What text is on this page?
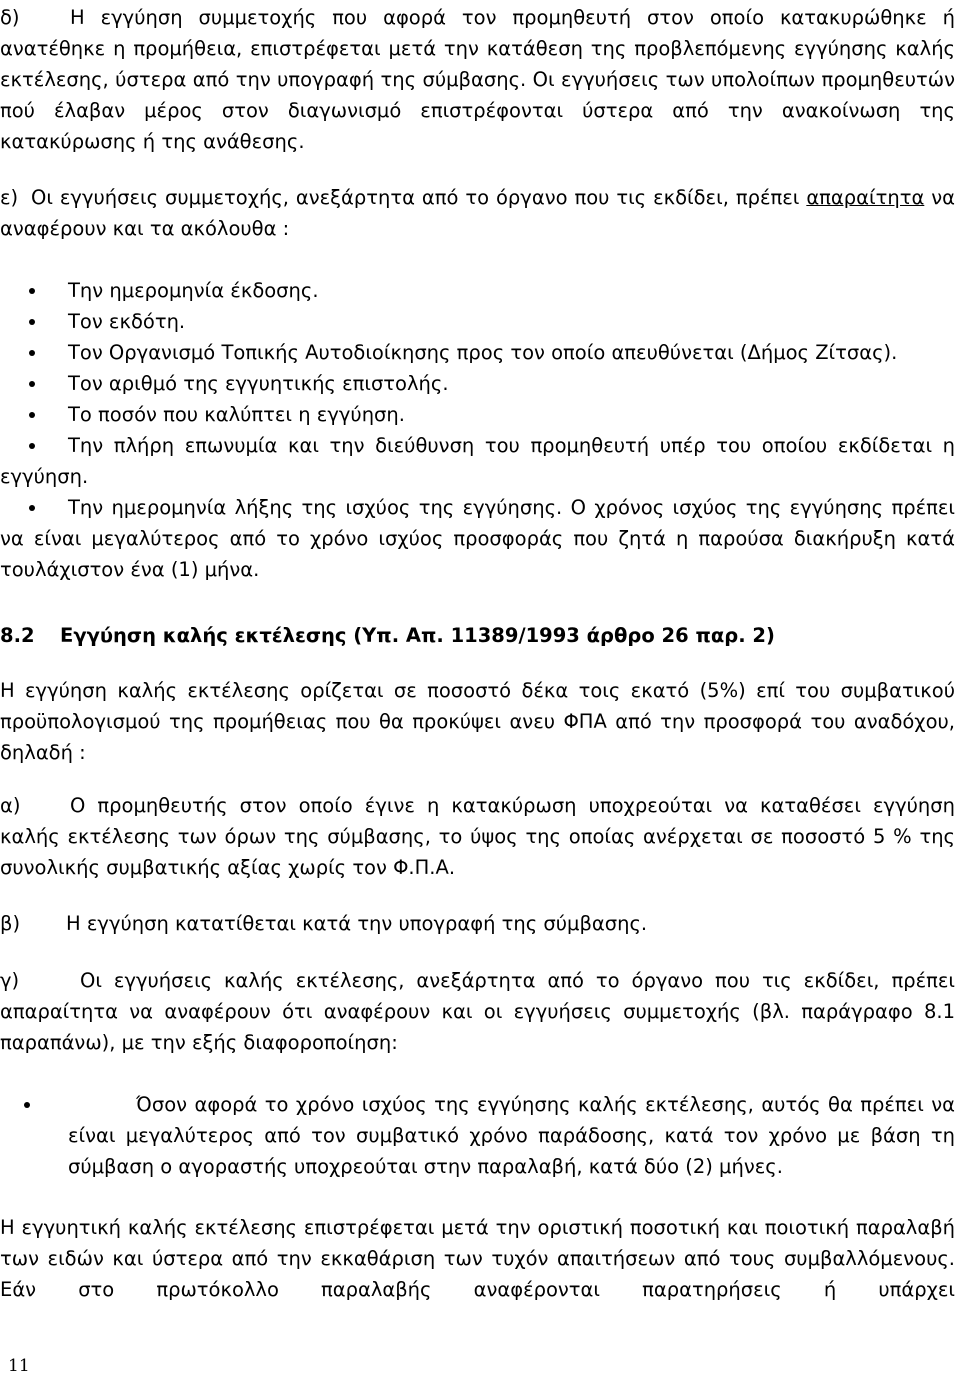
δ)	Η εγγύηση συμμετοχής που αφορά τον προμηθευτή στον οποίο κατακυρώθηκε ή ανατέθηκε η προμήθεια, επιστρέφεται μετά την κατάθεση της προβλεπόμενης εγγύησης καλής εκτέλεσης, ύστερα από την υπογραφή της σύμβασης. Οι εγγυήσεις των υπολοίπων προμηθευτών πού έλαβαν μέρος στον διαγωνισμό επιστρέφονται ύστερα από την ανακοίνωση της κατακύρωσης ή της ανάθεσης.

ε) Οι εγγυήσεις συμμετοχής, ανεξάρτητα από το όργανο που τις εκδίδει, πρέπει απαραίτητα να αναφέρουν και τα ακόλουθα :

Την ημερομηνία έκδοσης.
Τον εκδότη.
Τον Οργανισμό Τοπικής Αυτοδιοίκησης προς τον οποίο απευθύνεται (Δήμος Ζίτσας).
Τον αριθμό της εγγυητικής επιστολής.
Το ποσόν που καλύπτει η εγγύηση.
Την πλήρη επωνυμία και την διεύθυνση του προμηθευτή υπέρ του οποίου εκδίδεται η εγγύηση.
Την ημερομηνία λήξης της ισχύος της εγγύησης. Ο χρόνος ισχύος της εγγύησης πρέπει να είναι μεγαλύτερος από το χρόνο ισχύος προσφοράς που ζητά η παρούσα διακήρυξη κατά τουλάχιστον ένα (1) μήνα.
8.2 Εγγύηση καλής εκτέλεσης (Υπ. Απ. 11389/1993 άρθρο 26 παρ. 2)

Η εγγύηση καλής εκτέλεσης ορίζεται σε ποσοστό δέκα τοις εκατό (5%) επί του συμβατικού προϋπολογισμού της προμήθειας που θα προκύψει ανευ ΦΠΑ από την προσφορά του αναδόχου, δηλαδή :

α)	Ο προμηθευτής στον οποίο έγινε η κατακύρωση υποχρεούται να καταθέσει εγγύηση καλής εκτέλεσης των όρων της σύμβασης, το ύψος της οποίας ανέρχεται σε ποσοστό 5 % της συνολικής συμβατικής αξίας χωρίς τον Φ.Π.Α.

β) Η εγγύηση κατατίθεται κατά την υπογραφή της σύμβασης.

γ)	Οι εγγυήσεις καλής εκτέλεσης, ανεξάρτητα από το όργανο που τις εκδίδει, πρέπει απαραίτητα να αναφέρουν ότι αναφέρουν και οι εγγυήσεις συμμετοχής (βλ. παράγραφο 8.1 παραπάνω), με την εξής διαφοροποίηση:

Όσον αφορά το χρόνο ισχύος της εγγύησης καλής εκτέλεσης, αυτός θα πρέπει να είναι μεγαλύτερος από τον συμβατικό χρόνο παράδοσης, κατά τον χρόνο με βάση τη σύμβαση ο αγοραστής υποχρεούται στην παραλαβή, κατά δύο (2) μήνες.

Η εγγυητική καλής εκτέλεσης επιστρέφεται μετά την οριστική ποσοτική και ποιοτική παραλαβή των ειδών και ύστερα από την εκκαθάριση των τυχόν απαιτήσεων από τους συμβαλλόμενους. Εάν στο πρωτόκολλο παραλαβής αναφέρονται παρατηρήσεις ή υπάρχει

11
